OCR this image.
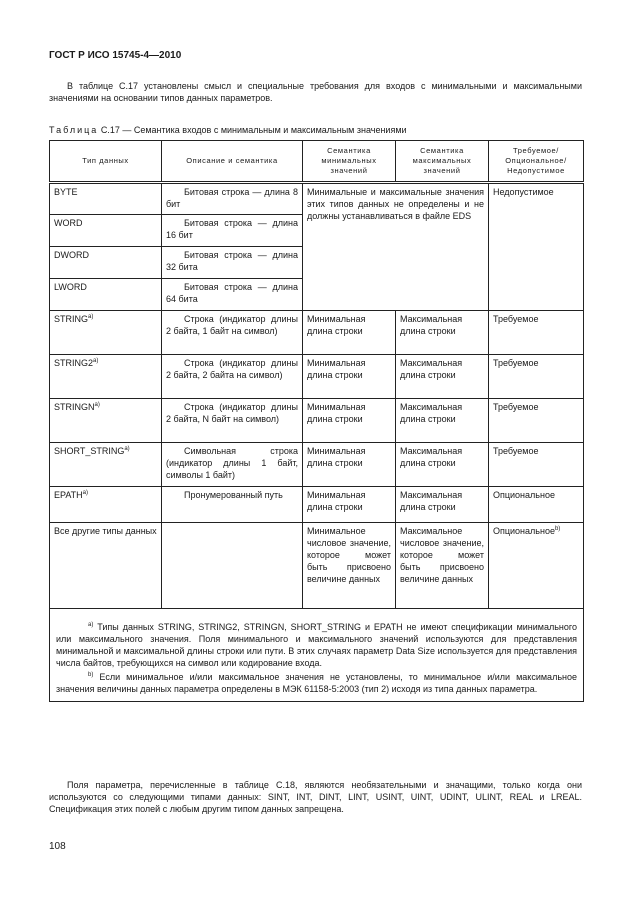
ГОСТ Р ИСО 15745-4—2010
В таблице С.17 установлены смысл и специальные требования для входов с минимальными и максимальными значениями на основании типов данных параметров.
Таблица С.17 — Семантика входов с минимальным и максимальным значениями
Тип данных	Описание и семантика	Семантика минимальных значений	Семантика максимальных значений	Требуемое/ Опциональное/ Недопустимое
BYTE	Битовая строка — длина 8 бит	Минимальные и максимальные значения этих типов данных не определены и не должны устанавливаться в файле EDS		Недопустимое
WORD	Битовая строка — длина 16 бит			
DWORD	Битовая строка — длина 32 бита			
LWORD	Битовая строка — длина 64 бита			
STRING$^{a)}$	Строка (индикатор длины 2 байта, 1 байт на символ)	Минимальная длина строки	Максимальная длина строки	Требуемое
STRING2$^{a)}$	Строка (индикатор длины 2 байта, 2 байта на символ)	Минимальная длина строки	Максимальная длина строки	Требуемое
STRINGN$^{a)}$	Строка (индикатор длины 2 байта, N байт на символ)	Минимальная длина строки	Максимальная длина строки	Требуемое
SHORT_STRING$^{a)}$	Символьная строка (индикатор длины 1 байт, символы 1 байт)	Минимальная длина строки	Максимальная длина строки	Требуемое
EPATH$^{a)}$	Пронумерованный путь	Минимальная длина строки	Максимальная длина строки	Опциональное
Все другие типы данных		Минимальное числовое значение, которое может быть присвоено величине данных	Максимальное числовое значение, которое может быть присвоено величине данных	Опциональное$^{b)}$

$^{a)}$ Типы данных STRING, STRING2, STRINGN, SHORT_STRING и EPATH не имеют спецификации минимального или максимального значения. Поля минимального и максимального значений используются для представления минимальной и максимальной длины строки или пути. В этих случаях параметр Data Size используется для представления числа байтов, требующихся на символ или кодирование входа.
$^{b)}$ Если минимальное и/или максимальное значения не установлены, то минимальное и/или максимальное значения величины данных параметра определены в МЭК 61158-5:2003 (тип 2) исходя из типа данных параметра.				
Поля параметра, перечисленные в таблице С.18, являются необязательными и значащими, только когда они используются со следующими типами данных: SINT, INT, DINT, LINT, USINT, UINT, UDINT, ULINT, REAL и LREAL. Спецификация этих полей с любым другим типом данных запрещена.
108
